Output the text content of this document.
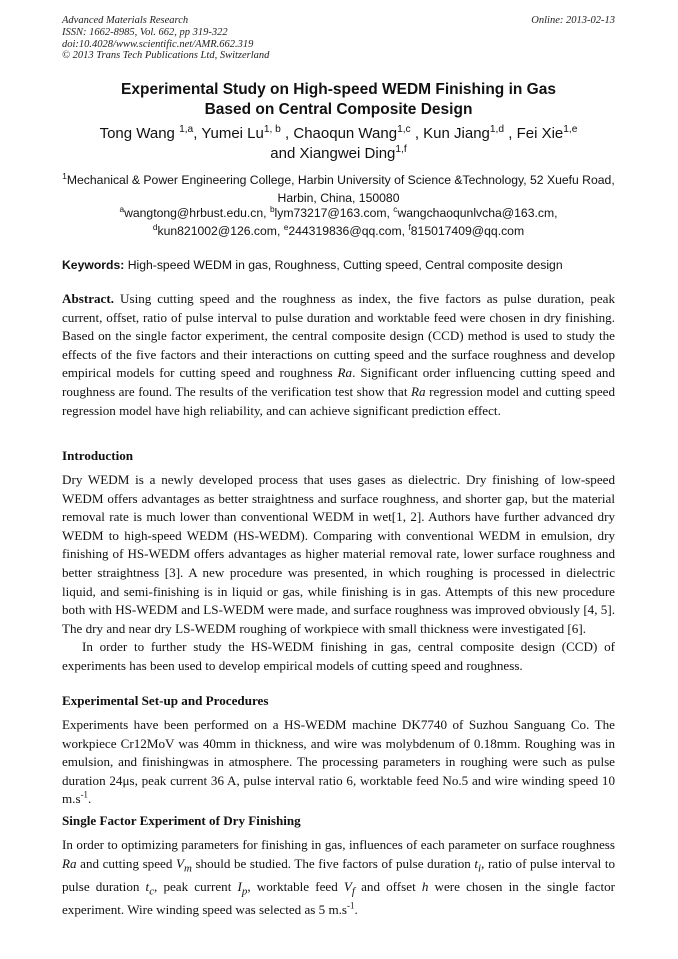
Advanced Materials Research
ISSN: 1662-8985, Vol. 662, pp 319-322
doi:10.4028/www.scientific.net/AMR.662.319
© 2013 Trans Tech Publications Ltd, Switzerland
Online: 2013-02-13
Experimental Study on High-speed WEDM Finishing in Gas
Based on Central Composite Design
Tong Wang $^{1,a}$, Yumei Lu$^{1, b}$ , Chaoqun Wang$^{1,c}$ , Kun Jiang$^{1,d}$ , Fei Xie$^{1,e}$
and Xiangwei Ding$^{1,f}$
$^1$Mechanical & Power Engineering College, Harbin University of Science &Technology, 52 Xuefu Road, Harbin, China, 150080
$^a$wangtong@hrbust.edu.cn, $^b$lym73217@163.com, $^c$wangchaoqunlvcha@163.cm,
$^d$kun821002@126.com, $^e$244319836@qq.com, $^f$815017409@qq.com
Keywords: High-speed WEDM in gas, Roughness, Cutting speed, Central composite design

Abstract. Using cutting speed and the roughness as index, the five factors as pulse duration, peak current, offset, ratio of pulse interval to pulse duration and worktable feed were chosen in dry finishing. Based on the single factor experiment, the central composite design (CCD) method is used to study the effects of the five factors and their interactions on cutting speed and the surface roughness and develop empirical models for cutting speed and roughness Ra. Significant order influencing cutting speed and roughness are found. The results of the verification test show that Ra regression model and cutting speed regression model have high reliability, and can achieve significant prediction effect.

Introduction

Dry WEDM is a newly developed process that uses gases as dielectric. Dry finishing of low-speed WEDM offers advantages as better straightness and surface roughness, and shorter gap, but the material removal rate is much lower than conventional WEDM in wet[1, 2]. Authors have further advanced dry WEDM to high-speed WEDM (HS-WEDM). Comparing with conventional WEDM in emulsion, dry finishing of HS-WEDM offers advantages as higher material removal rate, lower surface roughness and better straightness [3]. A new procedure was presented, in which roughing is processed in dielectric liquid, and semi-finishing is in liquid or gas, while finishing is in gas. Attempts of this new procedure both with HS-WEDM and LS-WEDM were made, and surface roughness was improved obviously [4, 5]. The dry and near dry LS-WEDM roughing of workpiece with small thickness were investigated [6].

In order to further study the HS-WEDM finishing in gas, central composite design (CCD) of experiments has been used to develop empirical models of cutting speed and roughness.

Experimental Set-up and Procedures

Experiments have been performed on a HS-WEDM machine DK7740 of Suzhou Sanguang Co. The workpiece Cr12MoV was 40mm in thickness, and wire was molybdenum of 0.18mm. Roughing was in emulsion, and finishingwas in atmosphere. The processing parameters in roughing were such as pulse duration 24μs, peak current 36 A, pulse interval ratio 6, worktable feed No.5 and wire winding speed 10 $m.s^{-1}$.

Single Factor Experiment of Dry Finishing

In order to optimizing parameters for finishing in gas, influences of each parameter on surface roughness Ra and cutting speed $V_m$ should be studied. The five factors of pulse duration $t_i$, ratio of pulse interval to pulse duration $t_c$, peak current $I_p$, worktable feed $V_f$ and offset h were chosen in the single factor experiment. Wire winding speed was selected as 5 $m.s^{-1}$.
